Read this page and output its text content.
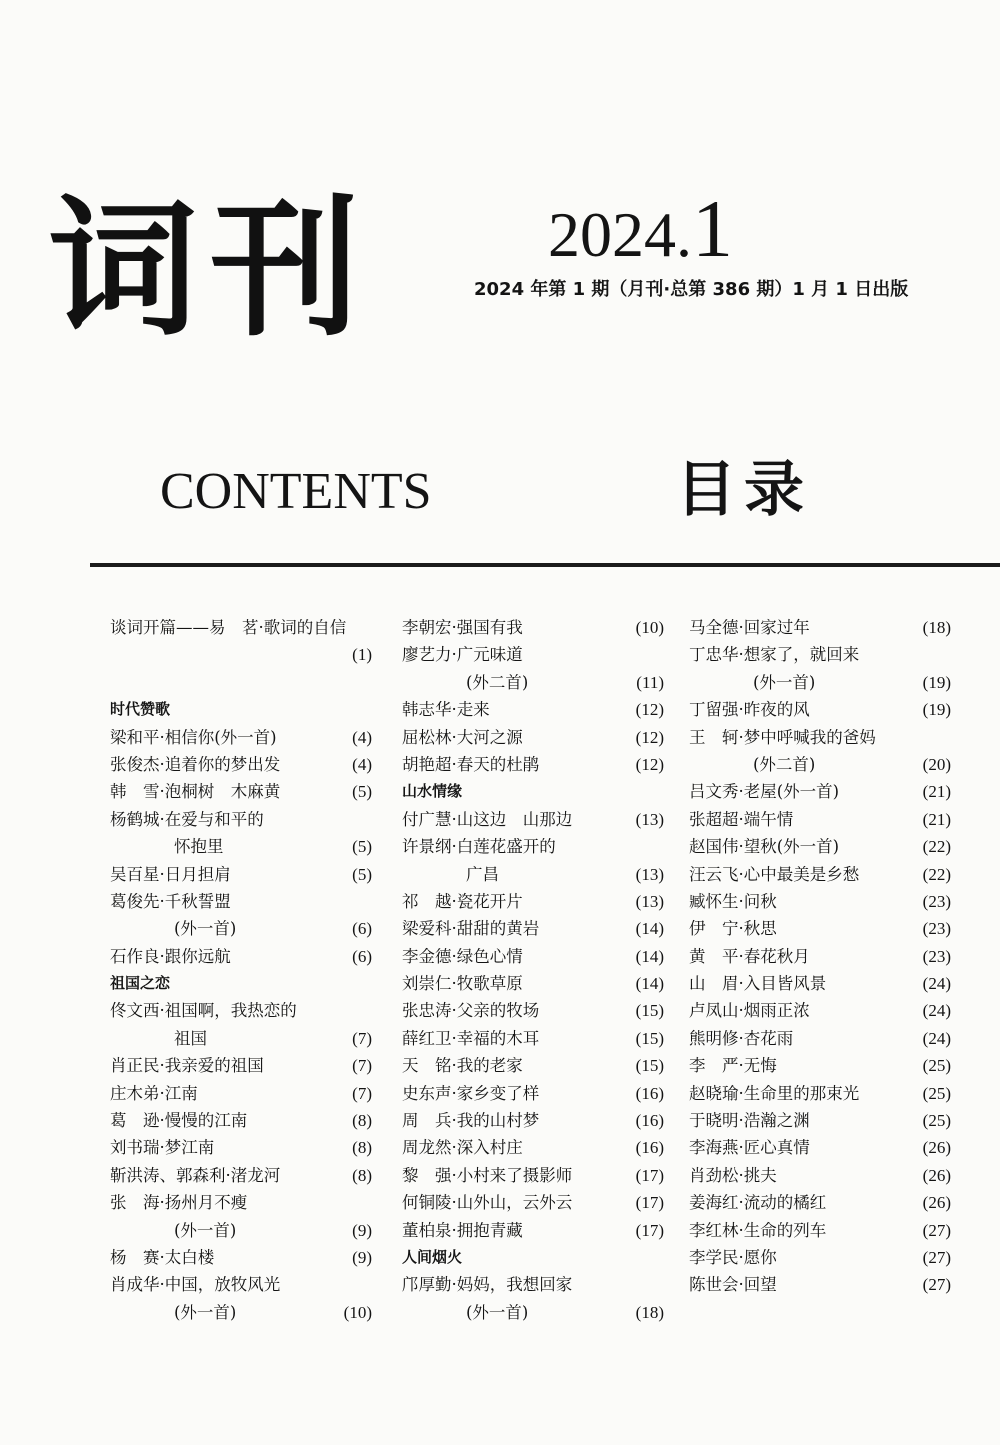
词刊	2024.1
2024 年第 1 期（月刊·总第 386 期）1 月 1 日出版
CONTENTS	目录
谈词开篇——易　茗·歌词的自信
(1)
时代赞歌
梁和平·相信你(外一首)	(4)
张俊杰·追着你的梦出发	(4)
韩　雪·泡桐树　木麻黄	(5)
杨鹤城·在爱与和平的
怀抱里	(5)
吴百星·日月担肩	(5)
葛俊先·千秋誓盟
(外一首)	(6)
石作良·跟你远航	(6)
祖国之恋
佟文西·祖国啊，我热恋的
祖国	(7)
肖正民·我亲爱的祖国	(7)
庄木弟·江南	(7)
葛　逊·慢慢的江南	(8)
刘书瑞·梦江南	(8)
靳洪涛、郭森利·渚龙河	(8)
张　海·扬州月不瘦
(外一首)	(9)
杨　赛·太白楼	(9)
肖成华·中国，放牧风光
(外一首)	(10)
李朝宏·强国有我	(10)
廖艺力·广元味道
(外二首)	(11)
韩志华·走来	(12)
屈松林·大河之源	(12)
胡艳超·春天的杜鹃	(12)
山水情缘
付广慧·山这边　山那边	(13)
许景纲·白莲花盛开的
广昌	(13)
祁　越·瓷花开片	(13)
梁爱科·甜甜的黄岩	(14)
李金德·绿色心情	(14)
刘崇仁·牧歌草原	(14)
张忠涛·父亲的牧场	(15)
薛红卫·幸福的木耳	(15)
天　铭·我的老家	(15)
史东声·家乡变了样	(16)
周　兵·我的山村梦	(16)
周龙然·深入村庄	(16)
黎　强·小村来了摄影师	(17)
何铜陵·山外山，云外云	(17)
董柏泉·拥抱青藏	(17)
人间烟火
邝厚勤·妈妈，我想回家
(外一首)	(18)
马全德·回家过年	(18)
丁忠华·想家了，就回来
(外一首)	(19)
丁留强·昨夜的风	(19)
王　轲·梦中呼喊我的爸妈
(外二首)	(20)
吕文秀·老屋(外一首)	(21)
张超超·端午情	(21)
赵国伟·望秋(外一首)	(22)
汪云飞·心中最美是乡愁	(22)
臧怀生·问秋	(23)
伊　宁·秋思	(23)
黄　平·春花秋月	(23)
山　眉·入目皆风景	(24)
卢凤山·烟雨正浓	(24)
熊明修·杏花雨	(24)
李　严·无悔	(25)
赵晓瑜·生命里的那束光	(25)
于晓明·浩瀚之渊	(25)
李海燕·匠心真情	(26)
肖劲松·挑夫	(26)
姜海红·流动的橘红	(26)
李红林·生命的列车	(27)
李学民·愿你	(27)
陈世会·回望	(27)
